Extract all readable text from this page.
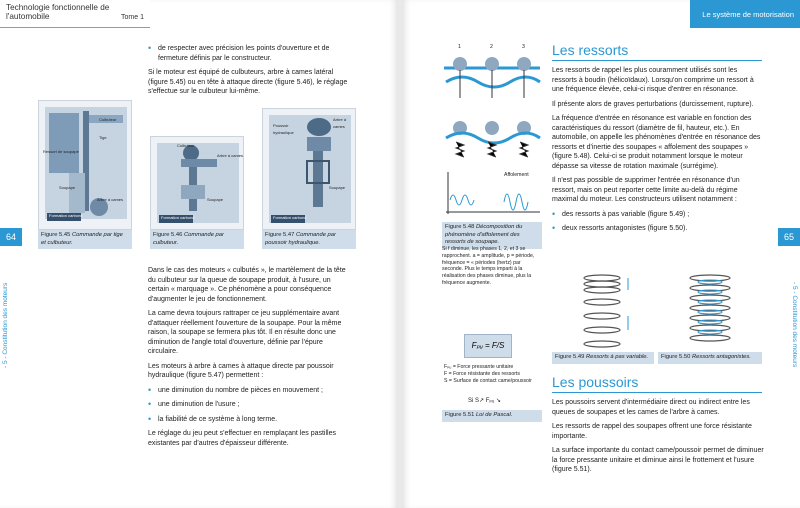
Technologie fonctionnelle de l'automobile	Tome 1
64
- 5 - Constitution des moteurs
• de respecter avec précision les points d'ouverture et de fermeture définis par le constructeur.

Si le moteur est équipé de culbuteurs, arbre à cames latéral (figure 5.45) ou en tête à attaque directe (figure 5.46), le réglage s'effectue sur le culbuteur lui-même.

Culbuteur
Tige
Ressort de soupape
Soupape
Formation carbone
Arbre à cames
Figure 5.45 Commande par tige et culbuteur.
Culbuteur
Arbre à cames
Soupape
Formation carbone
Figure 5.46 Commande par culbuteur.
Poussoir hydraulique
Arbre à cames
Soupape
Formation carbone
Figure 5.47 Commande par poussoir hydraulique.

Dans le cas des moteurs « culbutés », le martèlement de la tête du culbuteur sur la queue de soupape produit, à l'usure, un certain « marquage ». Ce phénomène a pour conséquence d'augmenter le jeu de fonctionnement.

La came devra toujours rattraper ce jeu supplémentaire avant d'attaquer réellement l'ouverture de la soupape. Pour la même raison, la soupape se fermera plus tôt. Il en résulte donc une diminution de l'angle total d'ouverture, définie par l'épure circulaire.

Les moteurs à arbre à cames à attaque directe par poussoir hydraulique (figure 5.47) permettent :

• une diminution du nombre de pièces en mouvement ;
• une diminution de l'usure ;
• la fiabilité de ce système à long terme.

Le réglage du jeu peut s'effectuer en remplaçant les pastilles existantes par d'autres d'épaisseur différente.

Le système de motorisation
65
- 5 - Constitution des moteurs
1	2	3
Affolement
Figure 5.48 Décomposition du phénomène d'affolement des ressorts de soupape.
Si f diminue, les phases 1, 2, et 3 se rapprochent. a = amplitude, p = période, fréquence = « périodes (hertz) par seconde. Plus le temps imparti à la réalisation des phases diminue, plus la fréquence augmente.
Fₚᵤ = F/S
Fₚᵤ = Force pressante unitaire
F = Force résistante des ressorts
S = Surface de contact came/poussoir
Si S↗ Fₚᵤ ↘
Figure 5.51 Loi de Pascal.
Les ressorts

Les ressorts de rappel les plus couramment utilisés sont les ressorts à boudin (hélicoïdaux). Lorsqu'on comprime un ressort à une fréquence élevée, celui-ci risque d'entrer en résonance.

Il présente alors de graves perturbations (durcissement, rupture).

La fréquence d'entrée en résonance est variable en fonction des caractéristiques du ressort (diamètre de fil, hauteur, etc.). En automobile, on appelle les phénomènes d'entrée en résonance des ressorts et d'inertie des soupapes « affolement des soupapes » (figure 5.48). Celui-ci se produit notamment lorsque le moteur dépasse sa vitesse de rotation maximale (surrégime).

Il n'est pas possible de supprimer l'entrée en résonance d'un ressort, mais on peut reporter cette limite au-delà du régime maximal du moteur. Les constructeurs utilisent notamment :

• des ressorts à pas variable (figure 5.49) ;
• deux ressorts antagonistes (figure 5.50).
Figure 5.49 Ressorts à pas variable.	Figure 5.50 Ressorts antagonistes.
Les poussoirs

Les poussoirs servent d'intermédiaire direct ou indirect entre les queues de soupapes et les cames de l'arbre à cames.

Les ressorts de rappel des soupapes offrent une force résistante importante.

La surface importante du contact came/poussoir permet de diminuer la force pressante unitaire et diminue ainsi le frottement et l'usure (figure 5.51).
